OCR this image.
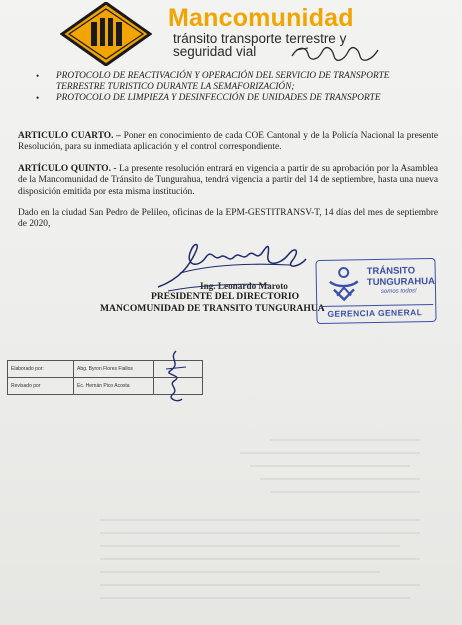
Mancomunidad
tránsito transporte terrestre y
seguridad vial
• PROTOCOLO DE REACTIVACIÓN Y OPERACIÓN DEL SERVICIO DE TRANSPORTE TERRESTRE TURISTICO DURANTE LA SEMAFORIZACIÓN;
• PROTOCOLO DE LIMPIEZA Y DESINFECCIÓN DE UNIDADES DE TRANSPORTE

ARTICULO CUARTO. – Poner en conocimiento de cada COE Cantonal y de la Policía Nacional la presente Resolución, para su inmediata aplicación y el control correspondiente.

ARTÍCULO QUINTO. - La presente resolución entrará en vigencia a partir de su aprobación por la Asamblea de la Mancomunidad de Tránsito de Tungurahua, tendrá vigencia a partir del 14 de septiembre, hasta una nueva disposición emitida por esta misma institución.

Dado en la ciudad San Pedro de Pelileo, oficinas de la EPM-GESTITRANSV-T, 14 días del mes de septiembre de 2020,

Ing. Leonardo Maroto
PRESIDENTE DEL DIRECTORIO
MANCOMUNIDAD DE TRANSITO TUNGURAHUA
TRÁNSITO
TUNGURAHUA
somos todos!
GERENCIA GENERAL
Elaborado por:	Abg. Byron Flores Fiallos	
Revisado por	Ec. Hernán Pico Acosta	
